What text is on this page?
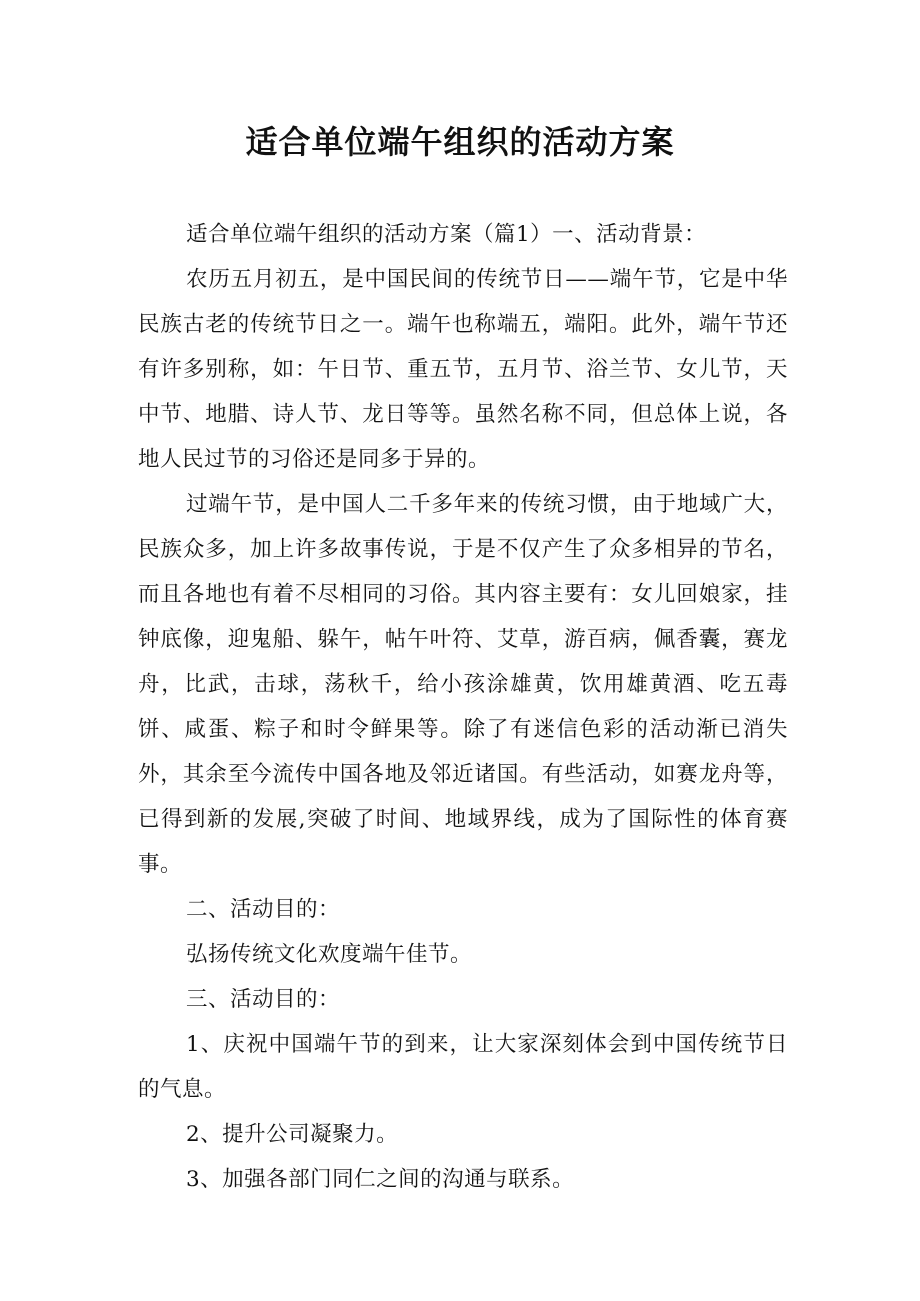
适合单位端午组织的活动方案

适合单位端午组织的活动方案（篇1）一、活动背景：

农历五月初五，是中国民间的传统节日——端午节，它是中华民族古老的传统节日之一。端午也称端五，端阳。此外，端午节还有许多别称，如：午日节、重五节，五月节、浴兰节、女儿节，天中节、地腊、诗人节、龙日等等。虽然名称不同，但总体上说，各地人民过节的习俗还是同多于异的。

过端午节，是中国人二千多年来的传统习惯，由于地域广大，民族众多，加上许多故事传说，于是不仅产生了众多相异的节名，而且各地也有着不尽相同的习俗。其内容主要有：女儿回娘家，挂钟底像，迎鬼船、躲午，帖午叶符、艾草，游百病，佩香囊，赛龙舟，比武，击球，荡秋千，给小孩涂雄黄，饮用雄黄酒、吃五毒饼、咸蛋、粽子和时令鲜果等。除了有迷信色彩的活动渐已消失外，其余至今流传中国各地及邻近诸国。有些活动，如赛龙舟等，已得到新的发展,突破了时间、地域界线，成为了国际性的体育赛事。

二、活动目的：

弘扬传统文化欢度端午佳节。

三、活动目的：

1、庆祝中国端午节的到来，让大家深刻体会到中国传统节日的气息。

2、提升公司凝聚力。

3、加强各部门同仁之间的沟通与联系。
